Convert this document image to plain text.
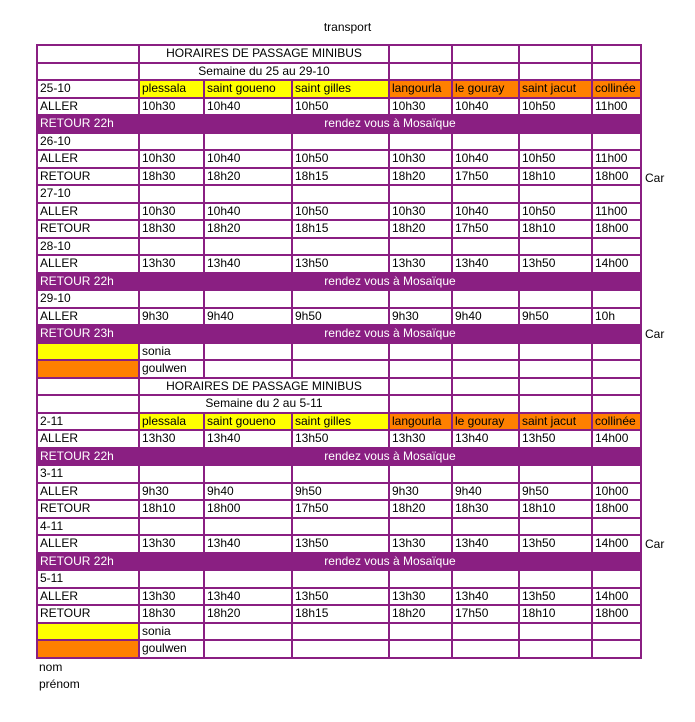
transport
	HORAIRES DE PASSAGE MINIBUS						
	Semaine du 25 au 29-10						
25-10	plessala	saint goueno	saint gilles	langourla	le gouray	saint jacut	collinée
ALLER	10h30	10h40	10h50	10h30	10h40	10h50	11h00
RETOUR 22h	rendez vous à Mosaïque						
26-10							
ALLER	10h30	10h40	10h50	10h30	10h40	10h50	11h00
RETOUR	18h30	18h20	18h15	18h20	17h50	18h10	18h00
27-10							
ALLER	10h30	10h40	10h50	10h30	10h40	10h50	11h00
RETOUR	18h30	18h20	18h15	18h20	17h50	18h10	18h00
28-10							
ALLER	13h30	13h40	13h50	13h30	13h40	13h50	14h00
RETOUR 22h	rendez vous à Mosaïque						
29-10							
ALLER	9h30	9h40	9h50	9h30	9h40	9h50	10h
RETOUR 23h	rendez vous à Mosaïque						
	sonia						
	goulwen						
	HORAIRES DE PASSAGE MINIBUS						
	Semaine du 2 au 5-11						
2-11	plessala	saint goueno	saint gilles	langourla	le gouray	saint jacut	collinée
ALLER	13h30	13h40	13h50	13h30	13h40	13h50	14h00
RETOUR 22h	rendez vous à Mosaïque						
3-11							
ALLER	9h30	9h40	9h50	9h30	9h40	9h50	10h00
RETOUR	18h10	18h00	17h50	18h20	18h30	18h10	18h00
4-11							
ALLER	13h30	13h40	13h50	13h30	13h40	13h50	14h00
RETOUR 22h	rendez vous à Mosaïque						
5-11							
ALLER	13h30	13h40	13h50	13h30	13h40	13h50	14h00
RETOUR	18h30	18h20	18h15	18h20	17h50	18h10	18h00
	sonia						
	goulwen						
Car
Car
Car
nom
prénom
